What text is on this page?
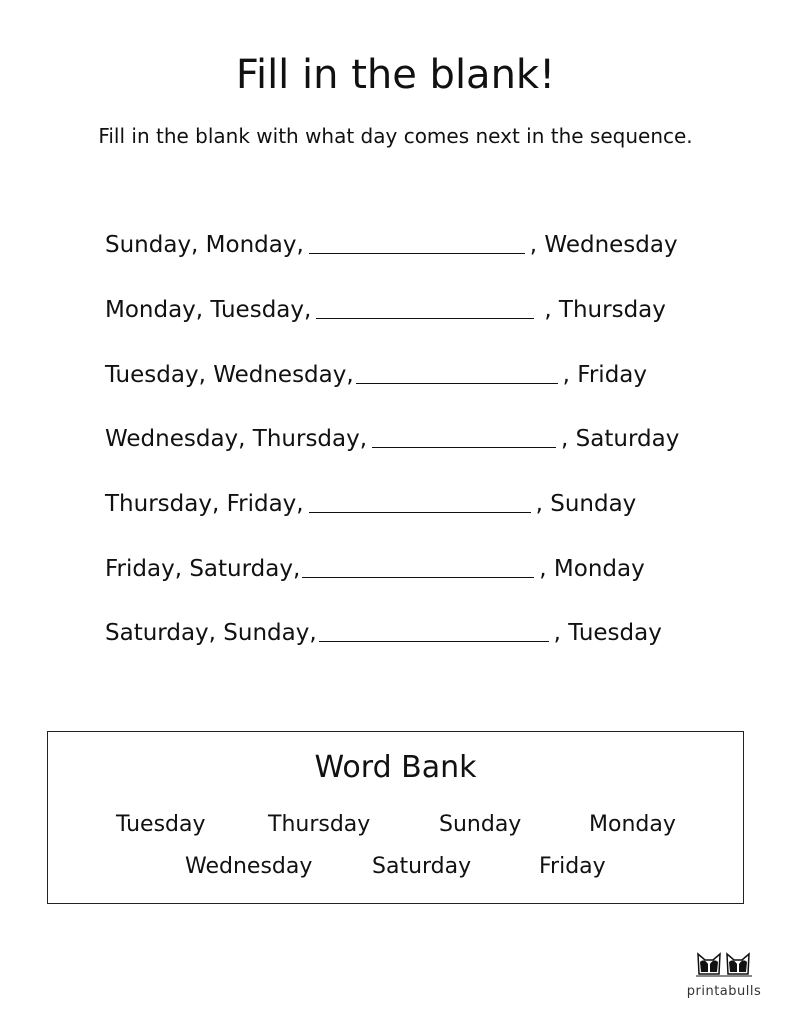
Fill in the blank!
Fill in the blank with what day comes next in the sequence.
Sunday, Monday,	, Wednesday
Monday, Tuesday,	, Thursday
Tuesday, Wednesday,	, Friday
Wednesday, Thursday,	, Saturday
Thursday, Friday,	, Sunday
Friday, Saturday,	, Monday
Saturday, Sunday,	, Tuesday
Word Bank
Tuesday	Thursday	Sunday	Monday
Wednesday	Saturday	Friday
printabulls
